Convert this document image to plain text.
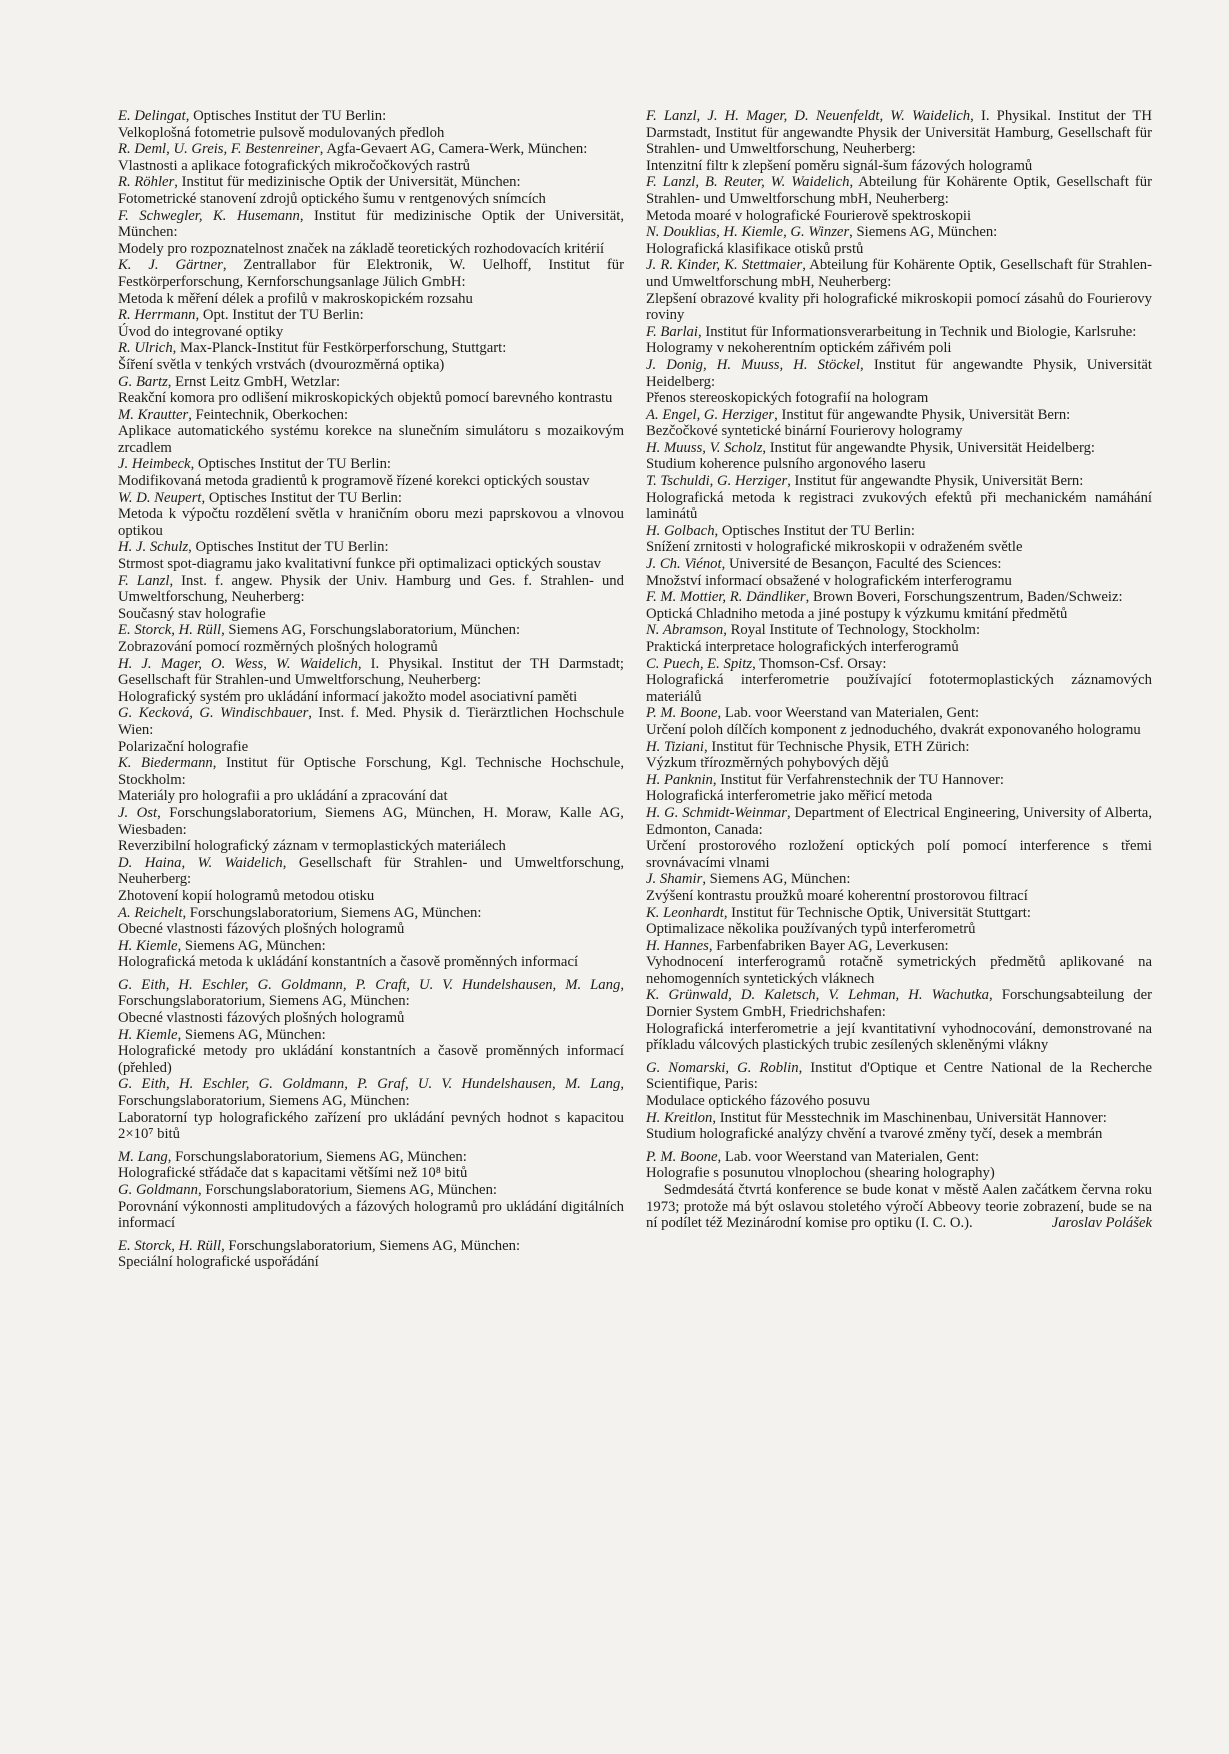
E. Delingat, Optisches Institut der TU Berlin:
Velkoplošná fotometrie pulsově modulovaných předloh
R. Deml, U. Greis, F. Bestenreiner, Agfa-Gevaert AG, Camera-Werk, München:
Vlastnosti a aplikace fotografických mikročočkových rastrů
R. Röhler, Institut für medizinische Optik der Universität, München:
Fotometrické stanovení zdrojů optického šumu v rentgenových snímcích
F. Schwegler, K. Husemann, Institut für medizinische Optik der Universität, München:
Modely pro rozpoznatelnost značek na základě teoretických rozhodovacích kritérií
K. J. Gärtner, Zentrallabor für Elektronik, W. Uelhoff, Institut für Festkörperforschung, Kernforschungsanlage Jülich GmbH:
Metoda k měření délek a profilů v makroskopickém rozsahu
R. Herrmann, Opt. Institut der TU Berlin:
Úvod do integrované optiky
R. Ulrich, Max-Planck-Institut für Festkörperforschung, Stuttgart:
Šíření světla v tenkých vrstvách (dvourozměrná optika)
G. Bartz, Ernst Leitz GmbH, Wetzlar:
Reakční komora pro odlišení mikroskopických objektů pomocí barevného kontrastu
M. Krautter, Feintechnik, Oberkochen:
Aplikace automatického systému korekce na slunečním simulátoru s mozaikovým zrcadlem
J. Heimbeck, Optisches Institut der TU Berlin:
Modifikovaná metoda gradientů k programově řízené korekci optických soustav
W. D. Neupert, Optisches Institut der TU Berlin:
Metoda k výpočtu rozdělení světla v hraničním oboru mezi paprskovou a vlnovou optikou
H. J. Schulz, Optisches Institut der TU Berlin:
Strmost spot-diagramu jako kvalitativní funkce při optimalizaci optických soustav
F. Lanzl, Inst. f. angew. Physik der Univ. Hamburg und Ges. f. Strahlen- und Umweltforschung, Neuherberg:
Současný stav holografie
E. Storck, H. Rüll, Siemens AG, Forschungslaboratorium, München:
Zobrazování pomocí rozměrných plošných hologramů
H. J. Mager, O. Wess, W. Waidelich, I. Physikal. Institut der TH Darmstadt; Gesellschaft für Strahlen-und Umweltforschung, Neuherberg:
Holografický systém pro ukládání informací jakožto model asociativní paměti
G. Kecková, G. Windischbauer, Inst. f. Med. Physik d. Tierärztlichen Hochschule Wien:
Polarizační holografie
K. Biedermann, Institut für Optische Forschung, Kgl. Technische Hochschule, Stockholm:
Materiály pro holografii a pro ukládání a zpracování dat
J. Ost, Forschungslaboratorium, Siemens AG, München, H. Moraw, Kalle AG, Wiesbaden:
Reverzibilní holografický záznam v termoplastických materiálech
D. Haina, W. Waidelich, Gesellschaft für Strahlen- und Umweltforschung, Neuherberg:
Zhotovení kopií hologramů metodou otisku
A. Reichelt, Forschungslaboratorium, Siemens AG, München:
Obecné vlastnosti fázových plošných hologramů
H. Kiemle, Siemens AG, München:
Holografická metoda k ukládání konstantních a časově proměnných informací
G. Eith, H. Eschler, G. Goldmann, P. Craft, U. V. Hundelshausen, M. Lang, Forschungslaboratorium, Siemens AG, München:
Obecné vlastnosti fázových plošných hologramů
H. Kiemle, Siemens AG, München:
Holografické metody pro ukládání konstantních a časově proměnných informací (přehled)
G. Eith, H. Eschler, G. Goldmann, P. Graf, U. V. Hundelshausen, M. Lang, Forschungslaboratorium, Siemens AG, München:
Laboratorní typ holografického zařízení pro ukládání pevných hodnot s kapacitou 2×10⁷ bitů
M. Lang, Forschungslaboratorium, Siemens AG, München:
Holografické střádače dat s kapacitami většími než 10⁸ bitů
G. Goldmann, Forschungslaboratorium, Siemens AG, München:
Porovnání výkonnosti amplitudových a fázových hologramů pro ukládání digitálních informací
E. Storck, H. Rüll, Forschungslaboratorium, Siemens AG, München:
Speciální holografické uspořádání
F. Lanzl, J. H. Mager, D. Neuenfeldt, W. Waidelich, I. Physikal. Institut der TH Darmstadt, Institut für angewandte Physik der Universität Hamburg, Gesellschaft für Strahlen- und Umweltforschung, Neuherberg:
Intenzitní filtr k zlepšení poměru signál-šum fázových hologramů
F. Lanzl, B. Reuter, W. Waidelich, Abteilung für Kohärente Optik, Gesellschaft für Strahlen- und Umweltforschung mbH, Neuherberg:
Metoda moaré v holografické Fourierově spektroskopii
N. Douklias, H. Kiemle, G. Winzer, Siemens AG, München:
Holografická klasifikace otisků prstů
J. R. Kinder, K. Stettmaier, Abteilung für Kohärente Optik, Gesellschaft für Strahlen- und Umweltforschung mbH, Neuherberg:
Zlepšení obrazové kvality při holografické mikroskopii pomocí zásahů do Fourierovy roviny
F. Barlai, Institut für Informationsverarbeitung in Technik und Biologie, Karlsruhe:
Hologramy v nekoherentním optickém zářivém poli
J. Donig, H. Muuss, H. Stöckel, Institut für angewandte Physik, Universität Heidelberg:
Přenos stereoskopických fotografií na hologram
A. Engel, G. Herziger, Institut für angewandte Physik, Universität Bern:
Bezčočkové syntetické binární Fourierovy hologramy
H. Muuss, V. Scholz, Institut für angewandte Physik, Universität Heidelberg:
Studium koherence pulsního argonového laseru
T. Tschuldi, G. Herziger, Institut für angewandte Physik, Universität Bern:
Holografická metoda k registraci zvukových efektů při mechanickém namáhání laminátů
H. Golbach, Optisches Institut der TU Berlin:
Snížení zrnitosti v holografické mikroskopii v odraženém světle
J. Ch. Viénot, Université de Besançon, Faculté des Sciences:
Množství informací obsažené v holografickém interferogramu
F. M. Mottier, R. Dändliker, Brown Boveri, Forschungszentrum, Baden/Schweiz:
Optická Chladniho metoda a jiné postupy k výzkumu kmitání předmětů
N. Abramson, Royal Institute of Technology, Stockholm:
Praktická interpretace holografických interferogramů
C. Puech, E. Spitz, Thomson-Csf. Orsay:
Holografická interferometrie používající fototermoplastických záznamových materiálů
P. M. Boone, Lab. voor Weerstand van Materialen, Gent:
Určení poloh dílčích komponent z jednoduchého, dvakrát exponovaného hologramu
H. Tiziani, Institut für Technische Physik, ETH Zürich:
Výzkum třírozměrných pohybových dějů
H. Panknin, Institut für Verfahrenstechnik der TU Hannover:
Holografická interferometrie jako měřicí metoda
H. G. Schmidt-Weinmar, Department of Electrical Engineering, University of Alberta, Edmonton, Canada:
Určení prostorového rozložení optických polí pomocí interference s třemi srovnávacími vlnami
J. Shamir, Siemens AG, München:
Zvýšení kontrastu proužků moaré koherentní prostorovou filtrací
K. Leonhardt, Institut für Technische Optik, Universität Stuttgart:
Optimalizace několika používaných typů interferometrů
H. Hannes, Farbenfabriken Bayer AG, Leverkusen:
Vyhodnocení interferogramů rotačně symetrických předmětů aplikované na nehomogenních syntetických vláknech
K. Grünwald, D. Kaletsch, V. Lehman, H. Wachutka, Forschungsabteilung der Dornier System GmbH, Friedrichshafen:
Holografická interferometrie a její kvantitativní vyhodnocování, demonstrované na příkladu válcových plastických trubic zesílených skleněnými vlákny
G. Nomarski, G. Roblin, Institut d'Optique et Centre National de la Recherche Scientifique, Paris:
Modulace optického fázového posuvu
H. Kreitlon, Institut für Messtechnik im Maschinenbau, Universität Hannover:
Studium holografické analýzy chvění a tvarové změny tyčí, desek a membrán
P. M. Boone, Lab. voor Weerstand van Materialen, Gent:
Holografie s posunutou vlnoplochou (shearing holography)

Sedmdesátá čtvrtá konference se bude konat v městě Aalen začátkem června roku 1973; protože má být oslavou stoletého výročí Abbeovy teorie zobrazení, bude se na ní podílet též Mezinárodní komise pro optiku (I. C. O.).	Jaroslav Polášek
